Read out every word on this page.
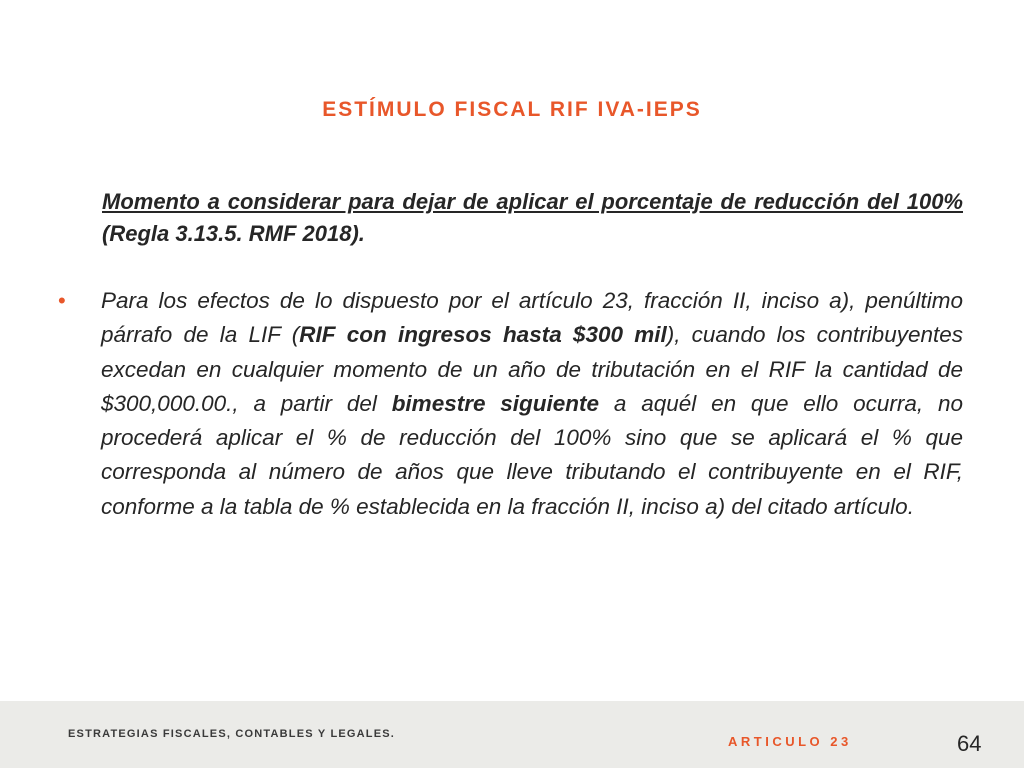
ESTÍMULO FISCAL RIF IVA-IEPS
Momento a considerar para dejar de aplicar el porcentaje de reducción del 100% (Regla 3.13.5. RMF 2018).
• Para los efectos de lo dispuesto por el artículo 23, fracción II, inciso a), penúltimo párrafo de la LIF (RIF con ingresos hasta $300 mil), cuando los contribuyentes excedan en cualquier momento de un año de tributación en el RIF la cantidad de $300,000.00., a partir del bimestre siguiente a aquél en que ello ocurra, no procederá aplicar el % de reducción del 100% sino que se aplicará el % que corresponda al número de años que lleve tributando el contribuyente en el RIF, conforme a la tabla de % establecida en la fracción II, inciso a) del citado artículo.
ESTRATEGIAS FISCALES, CONTABLES Y LEGALES.	ARTICULO 23	64
